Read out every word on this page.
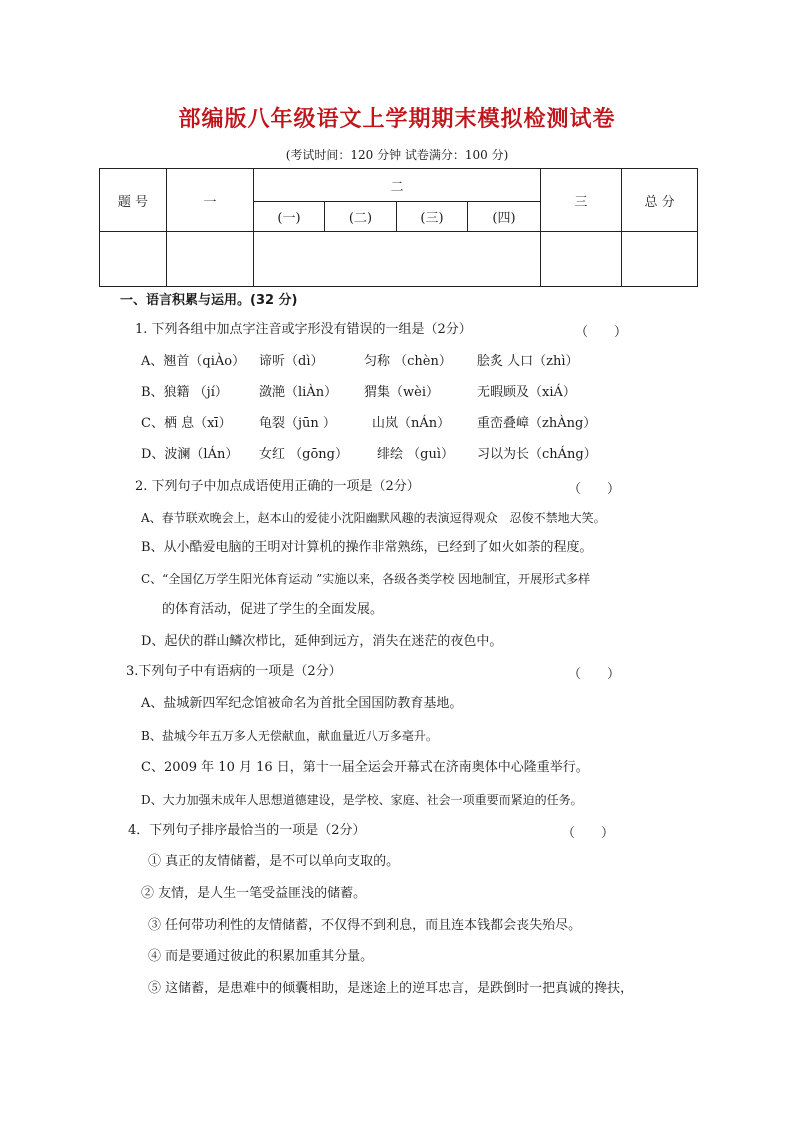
部编版八年级语文上学期期末模拟检测试卷
(考试时间：120 分钟 试卷满分：100 分)
题 号	一	二				三	总 分
		(一)	(二)	(三)	(四)		

一、语言积累与运用。(32 分)
1. 下列各组中加点字注音或字形没有错误的一组是（2分）	（　　）
A、翘首（qiÀo） 谛听（dì）	匀称 （chèn） 脍炙 人口（zhì）
B、狼籍 （jí） 潋滟（liÀn） 猬集（wèi）	无暇顾及（xiÁ）
C、栖 息（xī） 龟裂（jūn ）	山岚（nÁn） 重峦叠嶂（zhÀng）
D、波澜（lÁn） 女红 （gōng） 绯绘 （guì） 习以为长（chÁng）
2. 下列句子中加点成语使用正确的一项是（2分）	（　　）
A、春节联欢晚会上，赵本山的爱徒小沈阳幽默风趣的表演逗得观众　忍俊不禁地大笑。
B、从小酷爱电脑的王明对计算机的操作非常熟练，已经到了如火如荼的程度。
C、“全国亿万学生阳光体育运动 ”实施以来，各级各类学校 因地制宜，开展形式多样
的体育活动，促进了学生的全面发展。
D、起伏的群山鳞次栉比，延伸到远方，消失在迷茫的夜色中。
3.下列句子中有语病的一项是（2分）	（　　）
A、盐城新四军纪念馆被命名为首批全国国防教育基地。
B、盐城今年五万多人无偿献血，献血量近八万多毫升。
C、2009 年 10 月 16 日，第十一届全运会开幕式在济南奥体中心隆重举行。
D、大力加强未成年人思想道德建设，是学校、家庭、社会一项重要而紧迫的任务。
4．下列句子排序最恰当的一项是（2分）	（　　）
① 真正的友情储蓄，是不可以单向支取的。
② 友情，是人生一笔受益匪浅的储蓄。
③ 任何带功利性的友情储蓄，不仅得不到利息，而且连本钱都会丧失殆尽。
④ 而是要通过彼此的积累加重其分量。
⑤ 这储蓄，是患难中的倾囊相助，是迷途上的逆耳忠言，是跌倒时一把真诚的搀扶，
